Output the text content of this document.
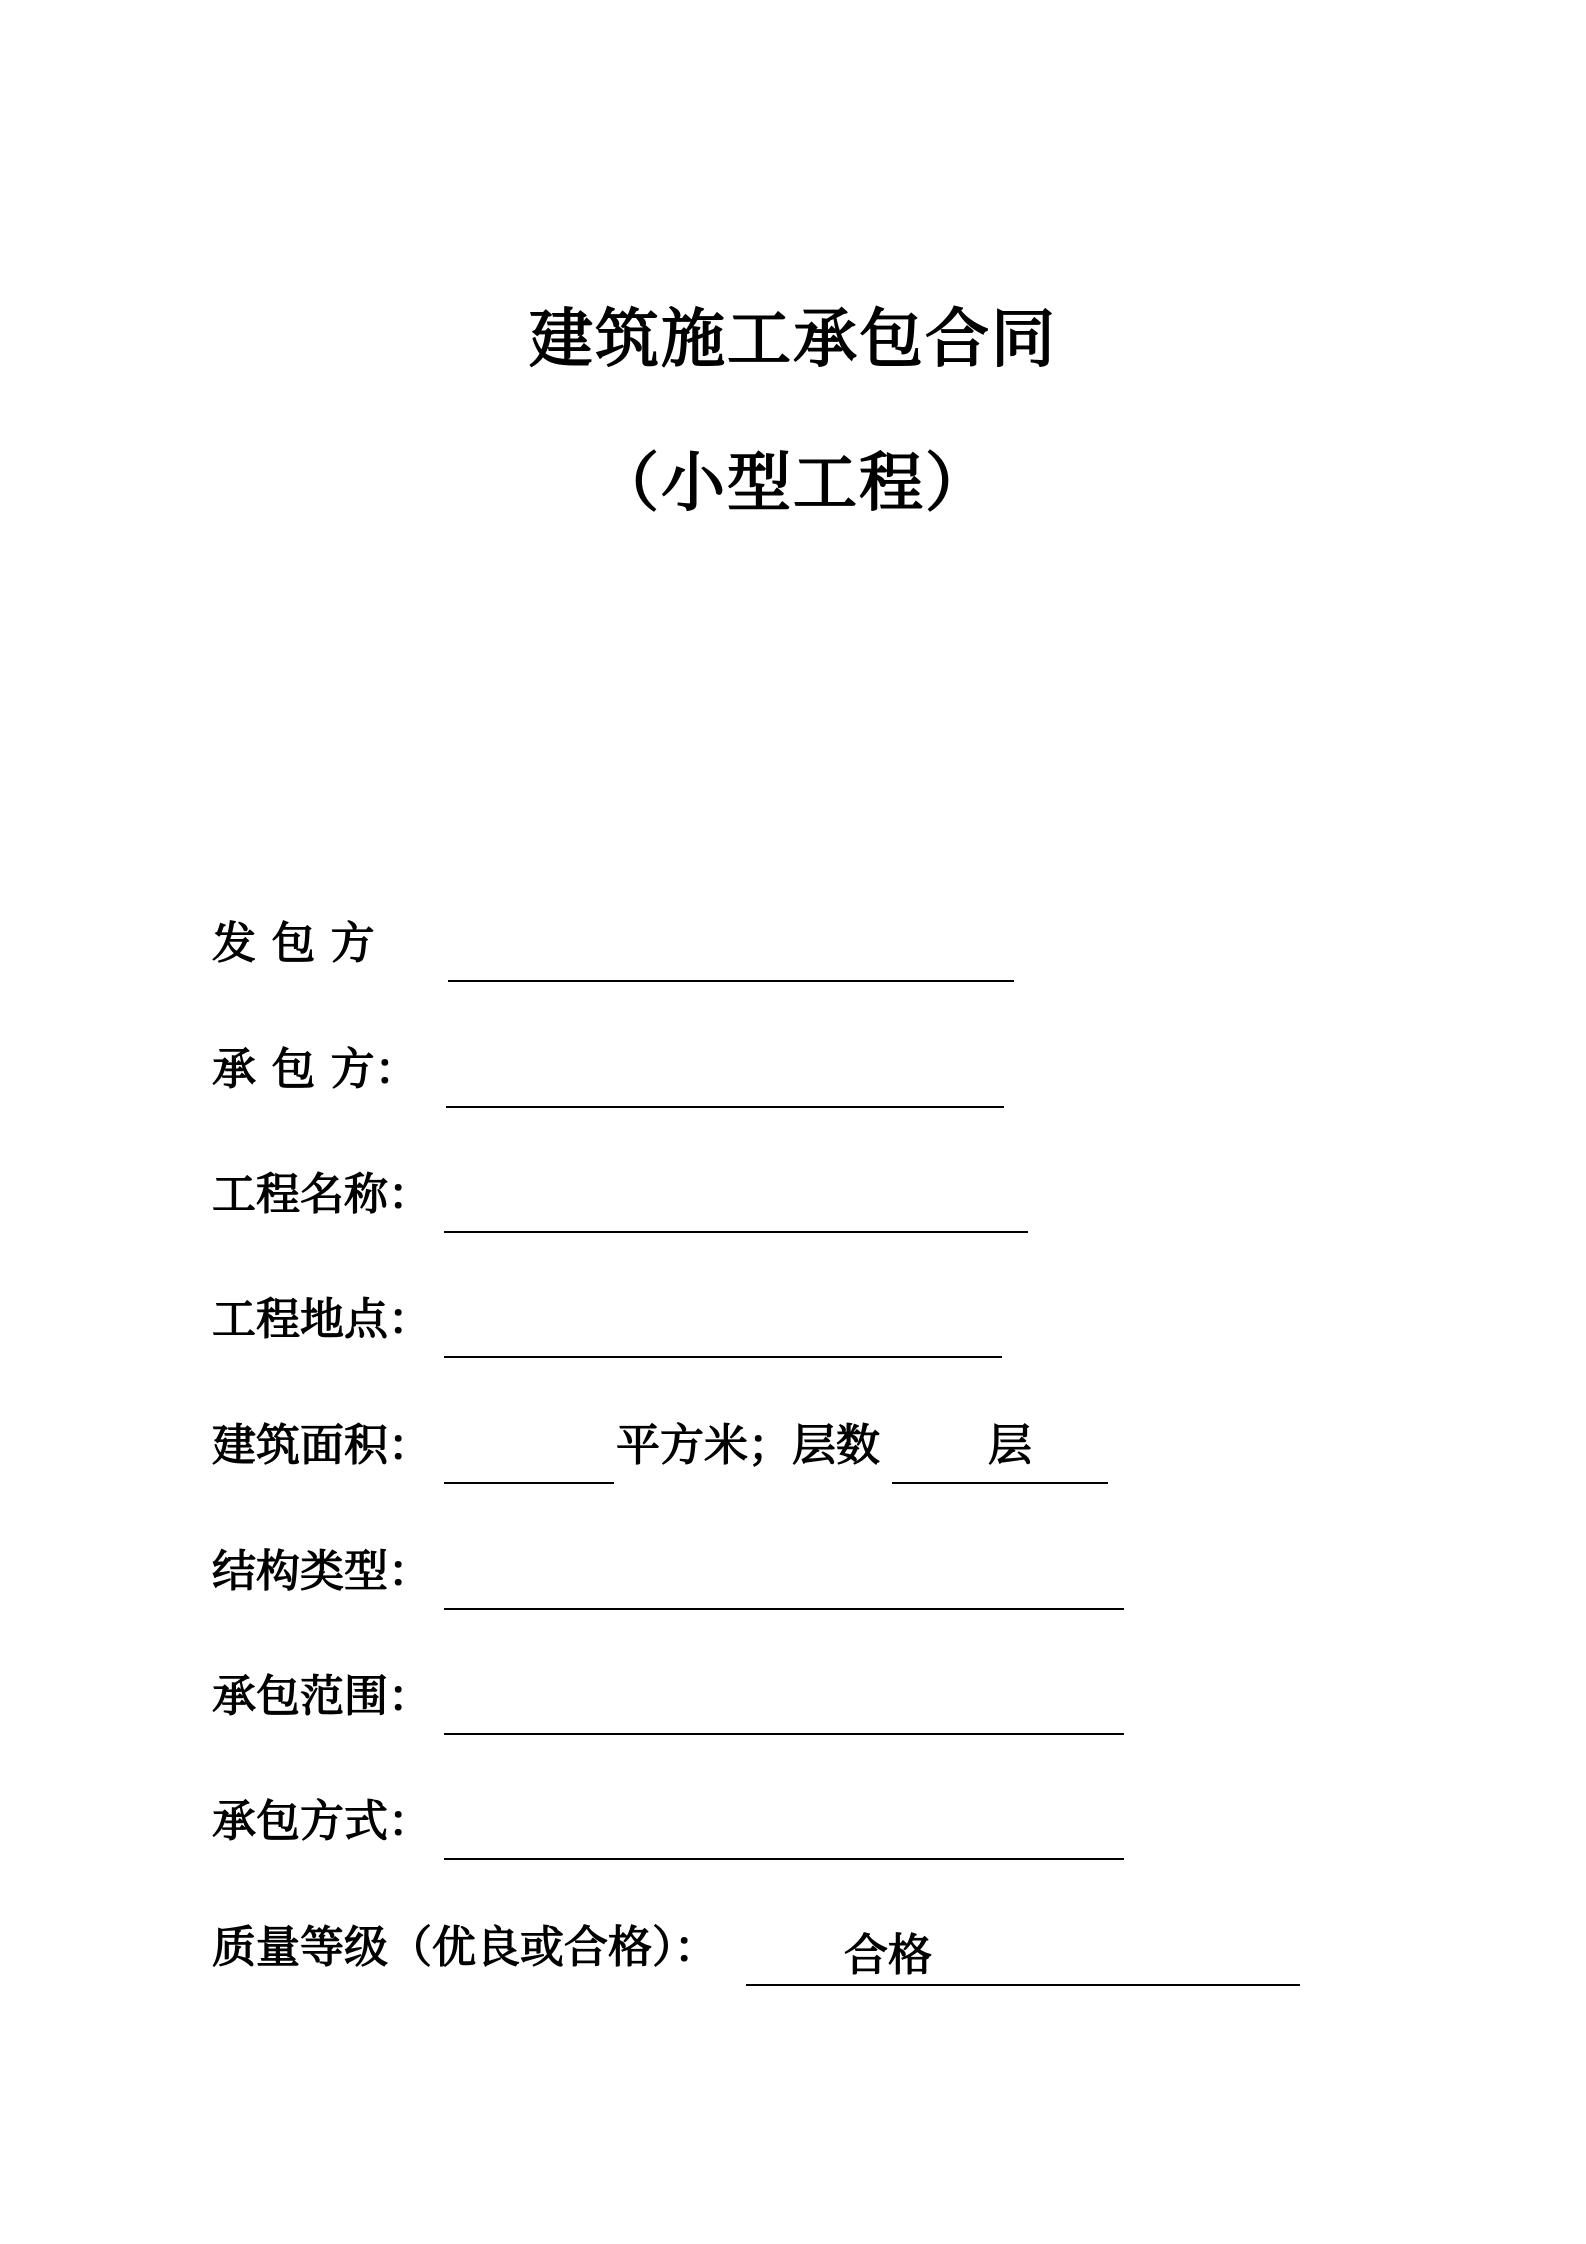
建筑施工承包合同
（小型工程）
发 包 方
承 包 方：
工程名称：
工程地点：
建筑面积：	平方米；层数 层
结构类型：
承包范围：
承包方式：
质量等级（优良或合格）：	合格
